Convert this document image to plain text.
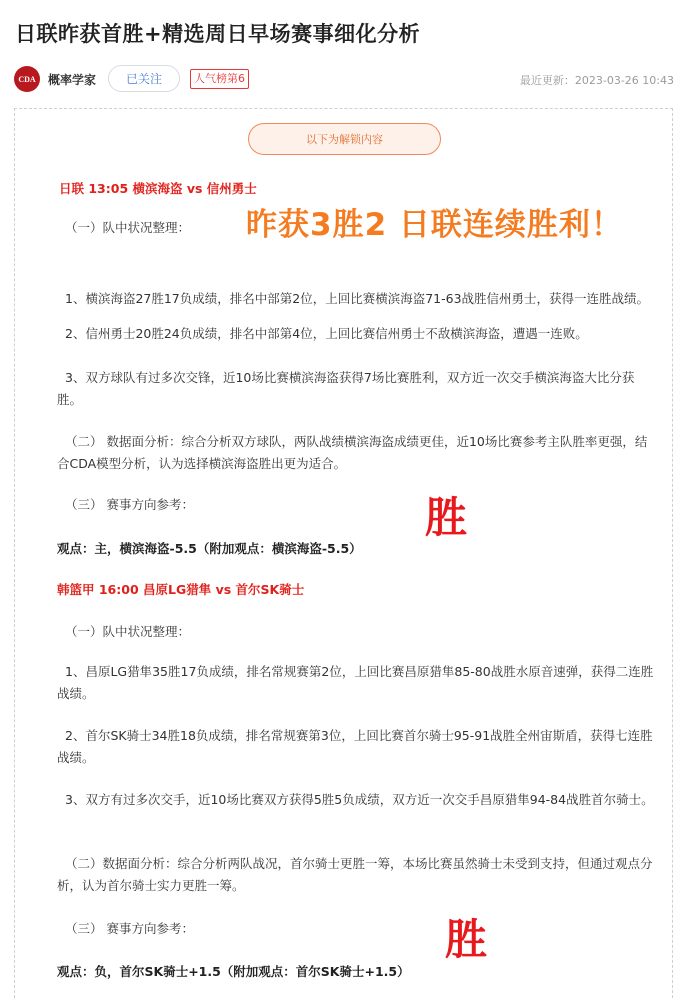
日联昨获首胜+精选周日早场赛事细化分析
CDA	概率学家	已关注	人气榜第6	最近更新：2023-03-26 10:43
以下为解锁内容
日联 13:05 横滨海盗 vs 信州勇士
昨获3胜2 日联连续胜利！
（一）队中状况整理：
1、横滨海盗27胜17负成绩，排名中部第2位，上回比赛横滨海盗71-63战胜信州勇士，获得一连胜战绩。
2、信州勇士20胜24负成绩，排名中部第4位，上回比赛信州勇士不敌横滨海盗，遭遇一连败。
3、双方球队有过多次交锋，近10场比赛横滨海盗获得7场比赛胜利，双方近一次交手横滨海盗大比分获胜。
（二） 数据面分析：综合分析双方球队，两队战绩横滨海盗成绩更佳，近10场比赛参考主队胜率更强，结合CDA模型分析，认为选择横滨海盗胜出更为适合。
（三） 赛事方向参考：	胜
观点：主，横滨海盗-5.5（附加观点：横滨海盗-5.5）
韩篮甲 16:00 昌原LG猎隼 vs 首尔SK骑士
（一）队中状况整理：
1、昌原LG猎隼35胜17负成绩，排名常规赛第2位，上回比赛昌原猎隼85-80战胜水原音速弹，获得二连胜战绩。
2、首尔SK骑士34胜18负成绩，排名常规赛第3位，上回比赛首尔骑士95-91战胜全州宙斯盾，获得七连胜战绩。
3、双方有过多次交手，近10场比赛双方获得5胜5负成绩，双方近一次交手昌原猎隼94-84战胜首尔骑士。
（二）数据面分析：综合分析两队战况，首尔骑士更胜一筹，本场比赛虽然骑士未受到支持，但通过观点分析，认为首尔骑士实力更胜一筹。
（三） 赛事方向参考：	胜
观点：负，首尔SK骑士+1.5（附加观点：首尔SK骑士+1.5）
